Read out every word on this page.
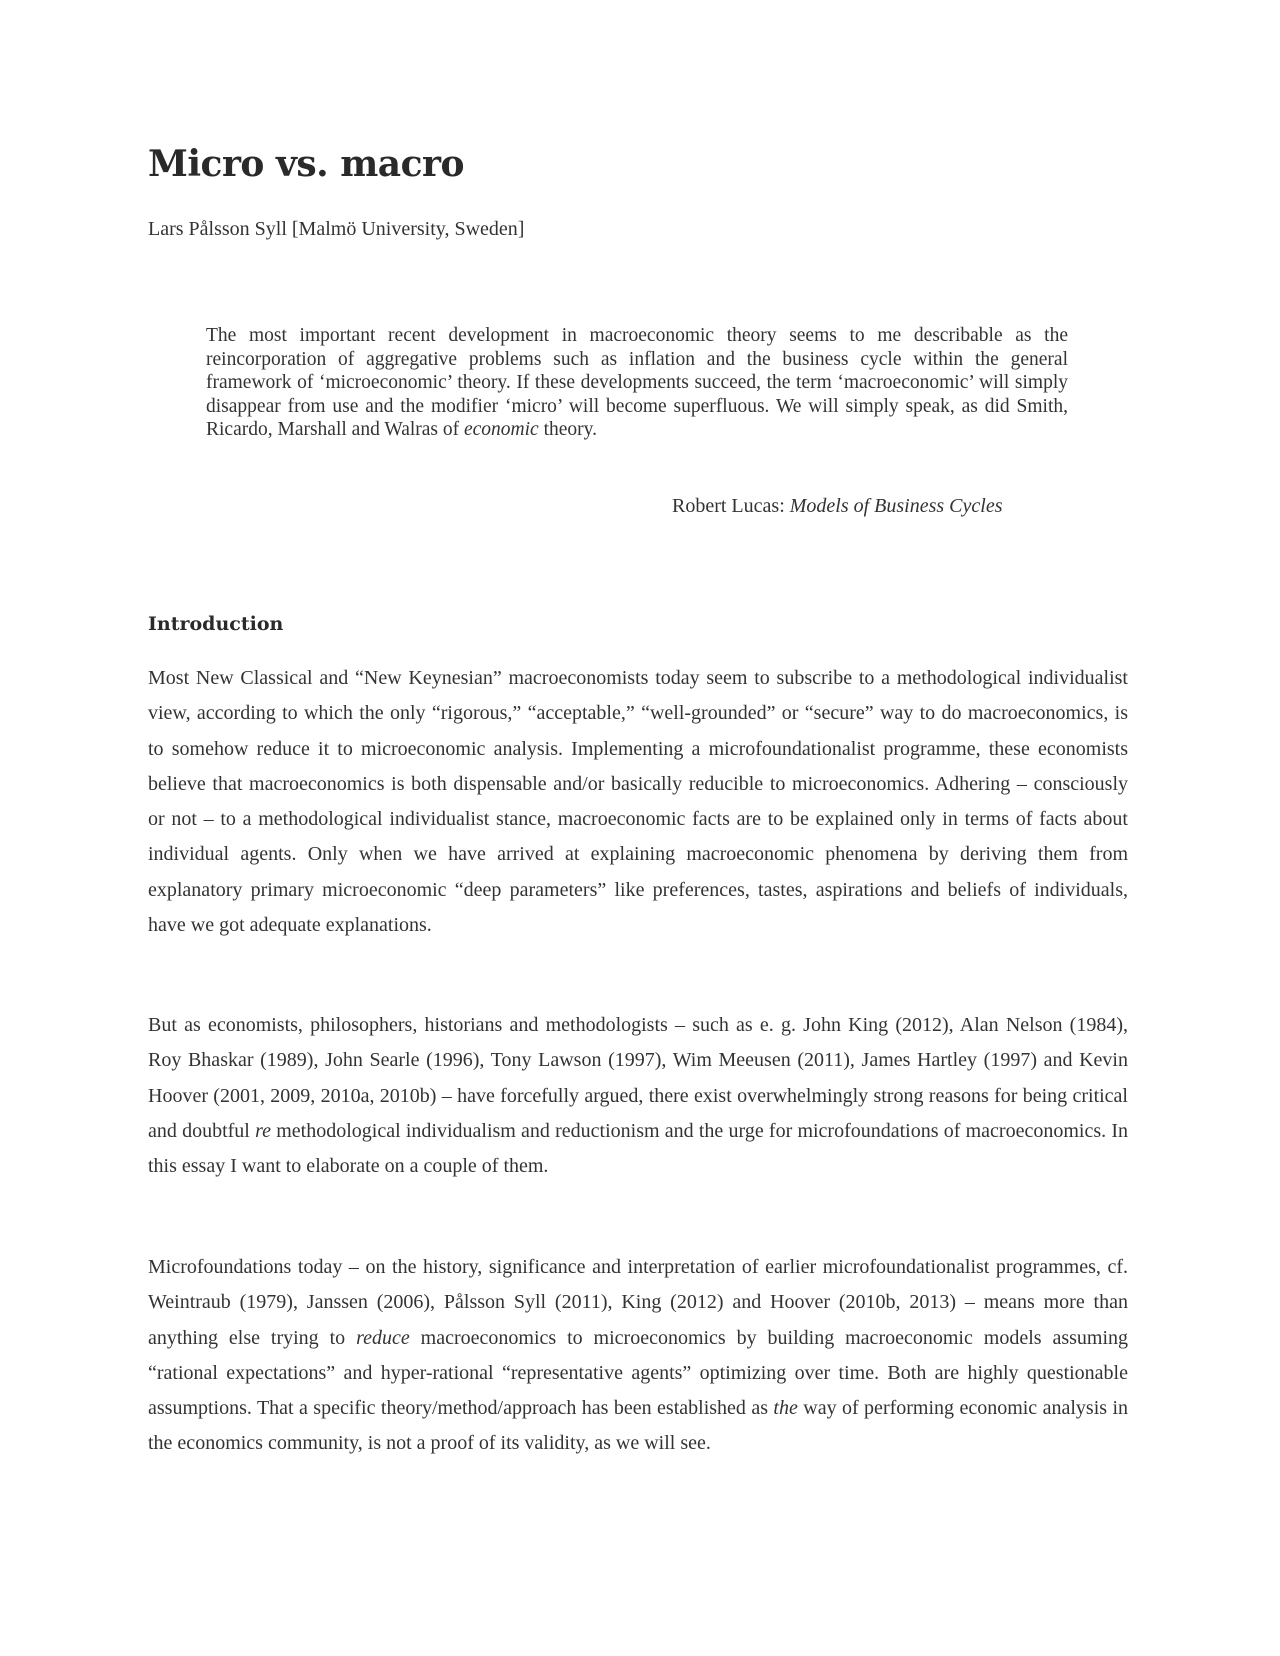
Micro vs. macro

Lars Pålsson Syll [Malmö University, Sweden]

The most important recent development in macroeconomic theory seems to me describable as the reincorporation of aggregative problems such as inflation and the business cycle within the general framework of ‘microeconomic’ theory. If these developments succeed, the term ‘macroeconomic’ will simply disappear from use and the modifier ‘micro’ will become superfluous. We will simply speak, as did Smith, Ricardo, Marshall and Walras of economic theory.

Robert Lucas: Models of Business Cycles

Introduction

Most New Classical and “New Keynesian” macroeconomists today seem to subscribe to a methodological individualist view, according to which the only “rigorous,” “acceptable,” “well-grounded” or “secure” way to do macroeconomics, is to somehow reduce it to microeconomic analysis. Implementing a microfoundationalist programme, these economists believe that macroeconomics is both dispensable and/or basically reducible to microeconomics. Adhering – consciously or not – to a methodological individualist stance, macroeconomic facts are to be explained only in terms of facts about individual agents. Only when we have arrived at explaining macroeconomic phenomena by deriving them from explanatory primary microeconomic “deep parameters” like preferences, tastes, aspirations and beliefs of individuals, have we got adequate explanations.

But as economists, philosophers, historians and methodologists – such as e. g. John King (2012), Alan Nelson (1984), Roy Bhaskar (1989), John Searle (1996), Tony Lawson (1997), Wim Meeusen (2011), James Hartley (1997) and Kevin Hoover (2001, 2009, 2010a, 2010b) – have forcefully argued, there exist overwhelmingly strong reasons for being critical and doubtful re methodological individualism and reductionism and the urge for microfoundations of macroeconomics. In this essay I want to elaborate on a couple of them.

Microfoundations today – on the history, significance and interpretation of earlier microfoundationalist programmes, cf. Weintraub (1979), Janssen (2006), Pålsson Syll (2011), King (2012) and Hoover (2010b, 2013) – means more than anything else trying to reduce macroeconomics to microeconomics by building macroeconomic models assuming “rational expectations” and hyper-rational “representative agents” optimizing over time. Both are highly questionable assumptions. That a specific theory/method/approach has been established as the way of performing economic analysis in the economics community, is not a proof of its validity, as we will see.
